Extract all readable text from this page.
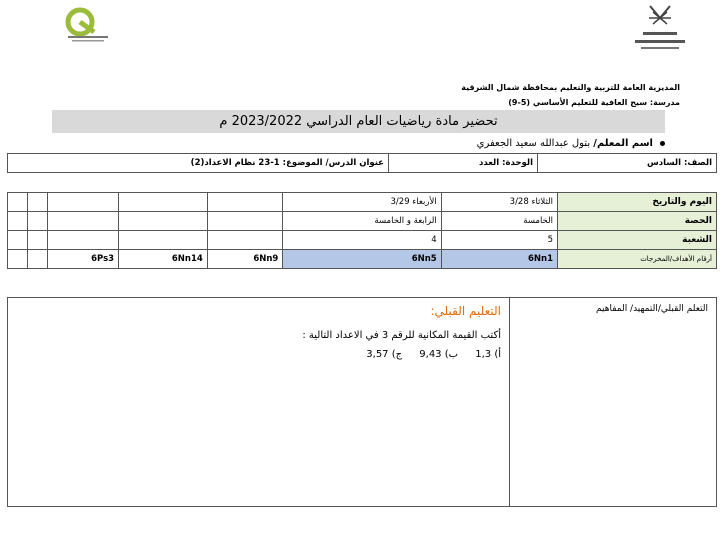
المديرية العامة للتربية والتعليم بمحافظة شمال الشرقية
مدرسة: سيح العافية للتعليم الأساسي (5-9)
تحضير مادة رياضيات العام الدراسي 2023/2022 م
اسم المعلم/ بتول عبدالله سعيد الجعفري
الصف: السادس	الوحدة: العدد	عنوان الدرس/ الموضوع: 1-23 نظام الاعداد(2)
اليوم والتاريخ	الثلاثاء 3/28	الأربعاء 3/29					
الحصة	الخامسة	الرابعة و الخامسة					
الشعبة	5	4					
أرقام الأهداف/المخرجات	6Nn1	6Nn5	6Nn9	6Nn14	6Ps3		
التعلم القبلي/التمهيد/ المفاهيم	
التعليم القبلي:
أكتب القيمة المكانية للرقم 3 في الاعداد التالية :
أ) 1,3 ب) 9,43 ج) 3,57
